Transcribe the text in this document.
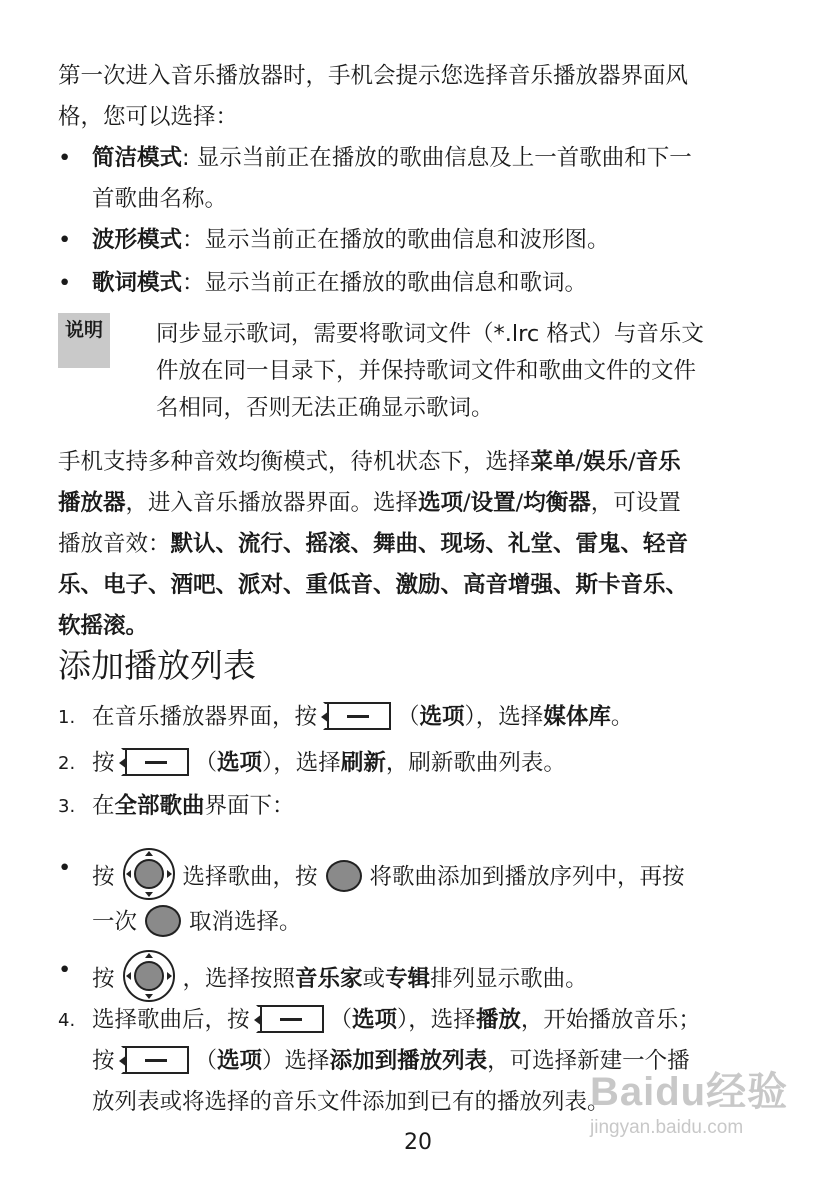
第一次进入音乐播放器时，手机会提示您选择音乐播放器界面风
格，您可以选择：
• 简洁模式: 显示当前正在播放的歌曲信息及上一首歌曲和下一
首歌曲名称。
• 波形模式：显示当前正在播放的歌曲信息和波形图。
• 歌词模式：显示当前正在播放的歌曲信息和歌词。
说明	同步显示歌词，需要将歌词文件（*.lrc 格式）与音乐文
件放在同一目录下，并保持歌词文件和歌曲文件的文件
名相同，否则无法正确显示歌词。
手机支持多种音效均衡模式，待机状态下，选择菜单/娱乐/音乐
播放器，进入音乐播放器界面。选择选项/设置/均衡器，可设置
播放音效：默认、流行、摇滚、舞曲、现场、礼堂、雷鬼、轻音
乐、电子、酒吧、派对、重低音、激励、高音增强、斯卡音乐、
软摇滚。
添加播放列表
1. 在音乐播放器界面，按	（选项），选择媒体库。
2. 按	（选项），选择刷新，刷新歌曲列表。
3. 在全部歌曲界面下：
• 按	选择歌曲，按 将歌曲添加到播放序列中，再按
一次 取消选择。
• 按	，选择按照音乐家或专辑排列显示歌曲。
4. 选择歌曲后，按	（选项），选择播放，开始播放音乐；
按	（选项）选择添加到播放列表，可选择新建一个播
放列表或将选择的音乐文件添加到已有的播放列表。
Baidu经验
jingyan.baidu.com
20
